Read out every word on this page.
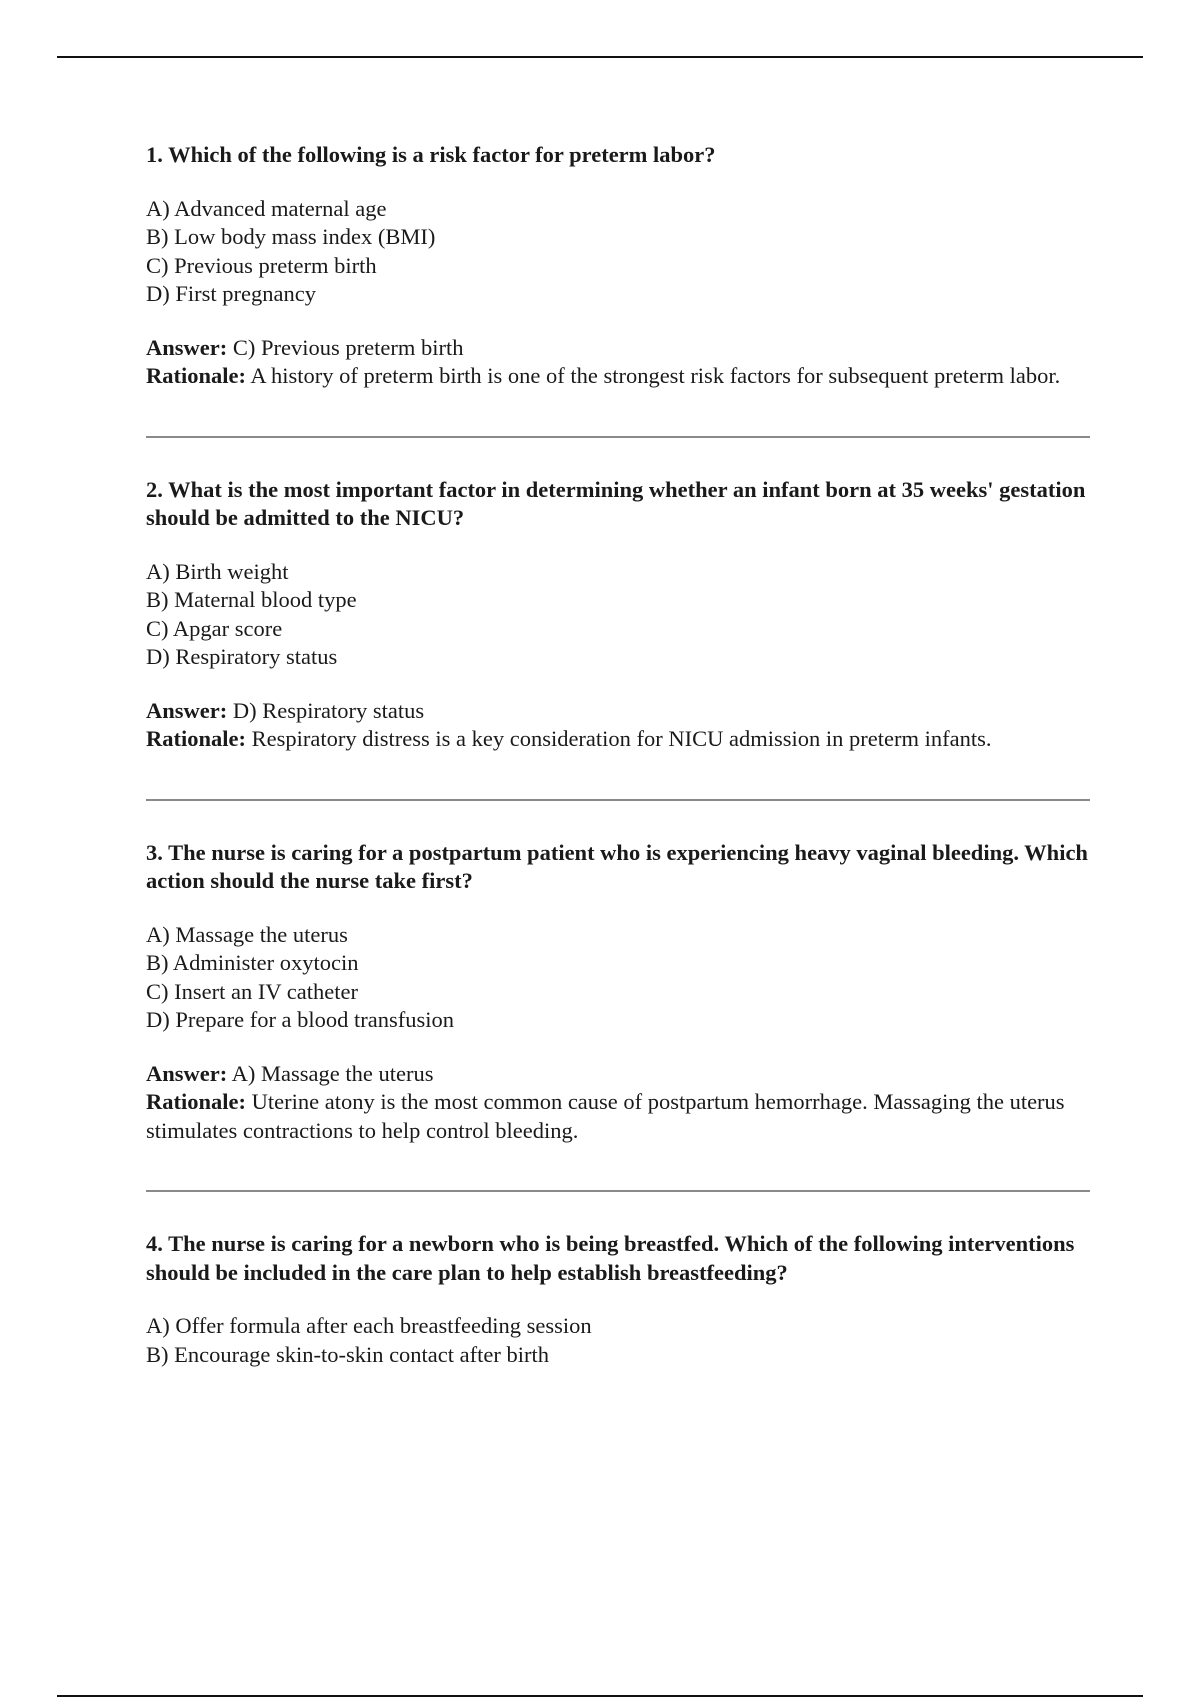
1. Which of the following is a risk factor for preterm labor?

A) Advanced maternal age
B) Low body mass index (BMI)
C) Previous preterm birth
D) First pregnancy

Answer: C) Previous preterm birth

Rationale: A history of preterm birth is one of the strongest risk factors for subsequent preterm labor.

2. What is the most important factor in determining whether an infant born at 35 weeks' gestation should be admitted to the NICU?

A) Birth weight
B) Maternal blood type
C) Apgar score
D) Respiratory status

Answer: D) Respiratory status

Rationale: Respiratory distress is a key consideration for NICU admission in preterm infants.

3. The nurse is caring for a postpartum patient who is experiencing heavy vaginal bleeding. Which action should the nurse take first?

A) Massage the uterus
B) Administer oxytocin
C) Insert an IV catheter
D) Prepare for a blood transfusion

Answer: A) Massage the uterus

Rationale: Uterine atony is the most common cause of postpartum hemorrhage. Massaging the uterus stimulates contractions to help control bleeding.

4. The nurse is caring for a newborn who is being breastfed. Which of the following interventions should be included in the care plan to help establish breastfeeding?

A) Offer formula after each breastfeeding session
B) Encourage skin-to-skin contact after birth
